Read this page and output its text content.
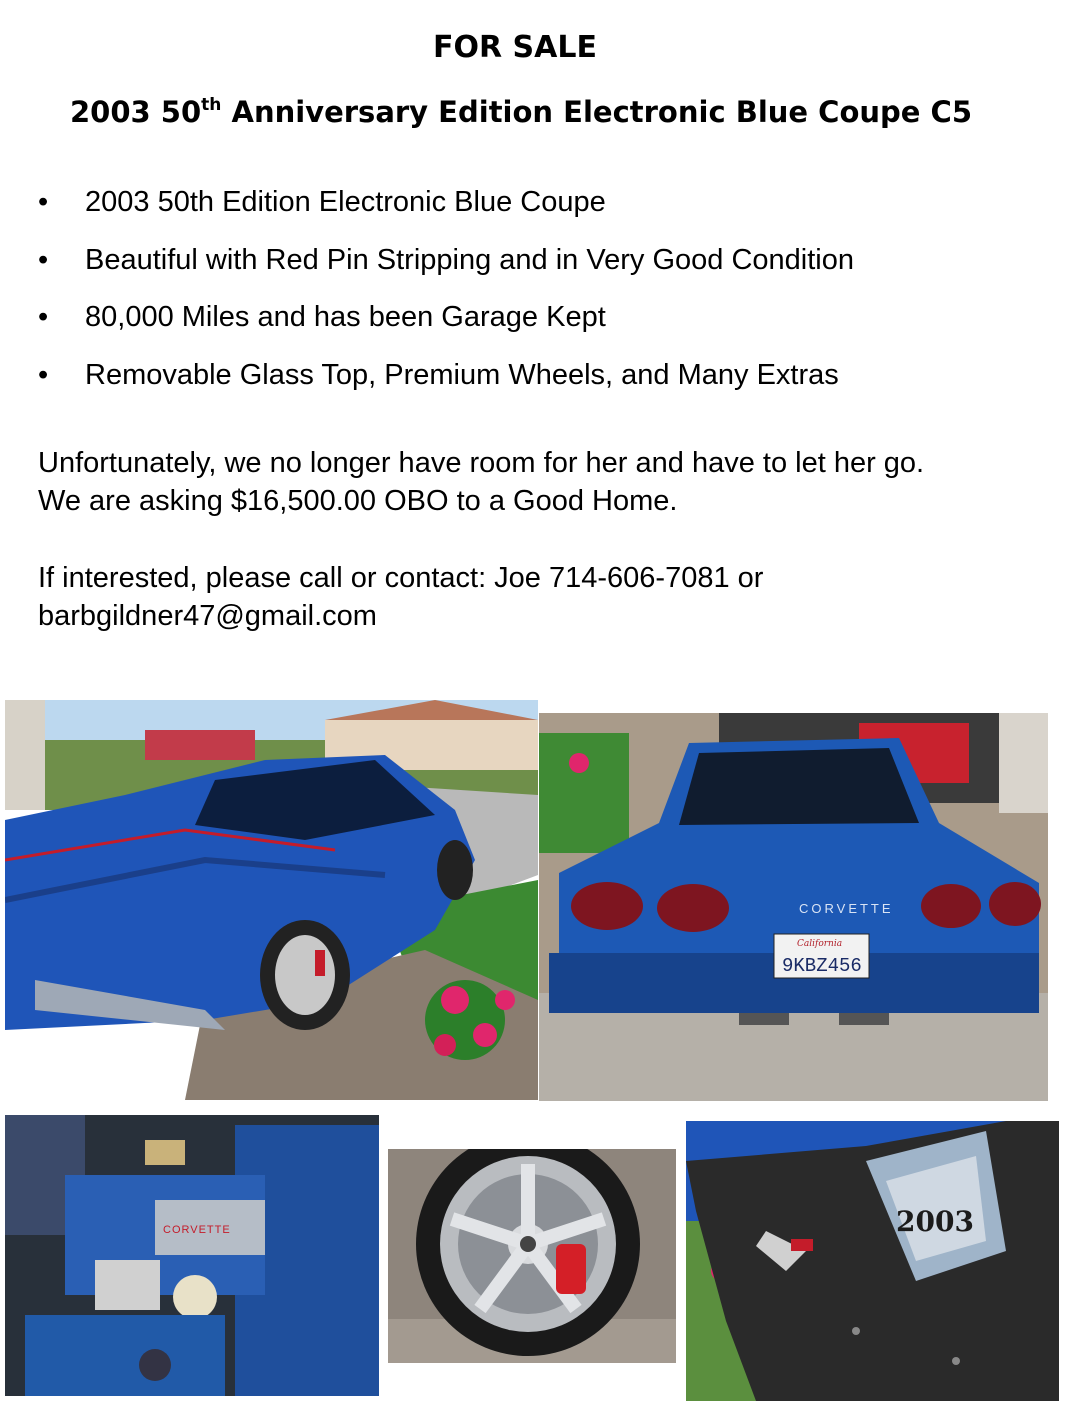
FOR SALE
2003 50th Anniversary Edition Electronic Blue Coupe C5
• 2003 50th Edition Electronic Blue Coupe
• Beautiful with Red Pin Stripping and in Very Good Condition
• 80,000 Miles and has been Garage Kept
• Removable Glass Top, Premium Wheels, and Many Extras
Unfortunately, we no longer have room for her and have to let her go.
We are asking $16,500.00 OBO to a Good Home.
If interested, please call or contact: Joe 714-606-7081 or
barbgildner47@gmail.com
CORVETTE
California
9KBZ456
CORVETTE	2003
